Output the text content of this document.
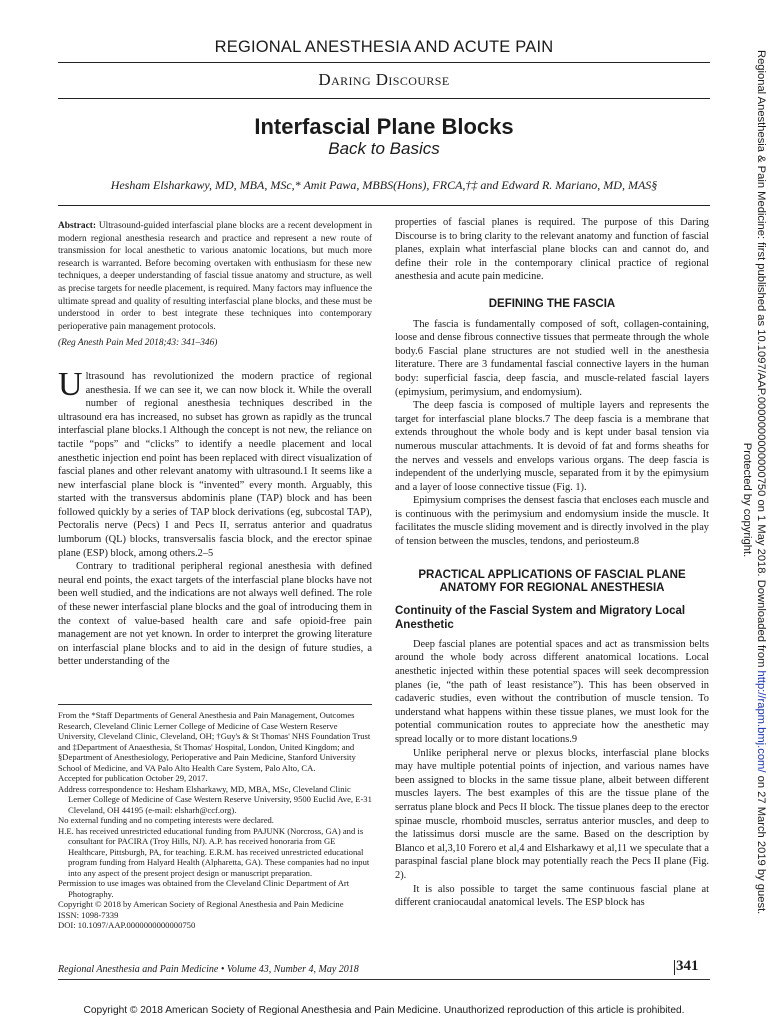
REGIONAL ANESTHESIA AND ACUTE PAIN
Daring Discourse
Interfascial Plane Blocks
Back to Basics
Hesham Elsharkawy, MD, MBA, MSc,* Amit Pawa, MBBS(Hons), FRCA,†‡ and Edward R. Mariano, MD, MAS§

Abstract: Ultrasound-guided interfascial plane blocks are a recent development in modern regional anesthesia research and practice and represent a new route of transmission for local anesthetic to various anatomic locations, but much more research is warranted. Before becoming overtaken with enthusiasm for these new techniques, a deeper understanding of fascial tissue anatomy and structure, as well as precise targets for needle placement, is required. Many factors may influence the ultimate spread and quality of resulting interfascial plane blocks, and these must be understood in order to best integrate these techniques into contemporary perioperative pain management protocols.

(Reg Anesth Pain Med 2018;43: 341–346)

Ultrasound has revolutionized the modern practice of regional anesthesia. If we can see it, we can now block it. While the overall number of regional anesthesia techniques described in the ultrasound era has increased, no subset has grown as rapidly as the truncal interfascial plane blocks.1 Although the concept is not new, the reliance on tactile “pops” and “clicks” to identify a needle placement and local anesthetic injection end point has been replaced with direct visualization of fascial planes and other relevant anatomy with ultrasound.1 It seems like a new interfascial plane block is “invented” every month. Arguably, this started with the transversus abdominis plane (TAP) block and has been followed quickly by a series of TAP block derivations (eg, subcostal TAP), Pectoralis nerve (Pecs) I and Pecs II, serratus anterior and quadratus lumborum (QL) blocks, transversalis fascia block, and the erector spinae plane (ESP) block, among others.2–5

Contrary to traditional peripheral regional anesthesia with defined neural end points, the exact targets of the interfascial plane blocks have not been well studied, and the indications are not always well defined. The role of these newer interfascial plane blocks and the goal of introducing them in the context of value-based health care and safe opioid-free pain management are not yet known. In order to interpret the growing literature on interfascial plane blocks and to aid in the design of future studies, a better understanding of the

From the *Staff Departments of General Anesthesia and Pain Management, Outcomes Research, Cleveland Clinic Lerner College of Medicine of Case Western Reserve University, Cleveland Clinic, Cleveland, OH; †Guy's & St Thomas' NHS Foundation Trust and ‡Department of Anaesthesia, St Thomas' Hospital, London, United Kingdom; and §Department of Anesthesiology, Perioperative and Pain Medicine, Stanford University School of Medicine, and VA Palo Alto Health Care System, Palo Alto, CA.
Accepted for publication October 29, 2017.
Address correspondence to: Hesham Elsharkawy, MD, MBA, MSc, Cleveland Clinic Lerner College of Medicine of Case Western Reserve University, 9500 Euclid Ave, E-31 Cleveland, OH 44195 (e-mail: elsharh@ccf.org).
No external funding and no competing interests were declared.
H.E. has received unrestricted educational funding from PAJUNK (Norcross, GA) and is consultant for PACIRA (Troy Hills, NJ). A.P. has received honoraria from GE Healthcare, Pittsburgh, PA, for teaching. E.R.M. has received unrestricted educational program funding from Halyard Health (Alpharetta, GA). These companies had no input into any aspect of the present project design or manuscript preparation.
Permission to use images was obtained from the Cleveland Clinic Department of Art Photography.
Copyright © 2018 by American Society of Regional Anesthesia and Pain Medicine
ISSN: 1098-7339
DOI: 10.1097/AAP.0000000000000750

properties of fascial planes is required. The purpose of this Daring Discourse is to bring clarity to the relevant anatomy and function of fascial planes, explain what interfascial plane blocks can and cannot do, and define their role in the contemporary clinical practice of regional anesthesia and acute pain medicine.

DEFINING THE FASCIA

The fascia is fundamentally composed of soft, collagen-containing, loose and dense fibrous connective tissues that permeate through the whole body.6 Fascial plane structures are not studied well in the anesthesia literature. There are 3 fundamental fascial connective layers in the human body: superficial fascia, deep fascia, and muscle-related fascial layers (epimysium, perimysium, and endomysium).

The deep fascia is composed of multiple layers and represents the target for interfascial plane blocks.7 The deep fascia is a membrane that extends throughout the whole body and is kept under basal tension via numerous muscular attachments. It is devoid of fat and forms sheaths for the nerves and vessels and envelops various organs. The deep fascia is independent of the underlying muscle, separated from it by the epimysium and a layer of loose connective tissue (Fig. 1).

Epimysium comprises the densest fascia that encloses each muscle and is continuous with the perimysium and endomysium inside the muscle. It facilitates the muscle sliding movement and is directly involved in the play of tension between the muscles, tendons, and periosteum.8

PRACTICAL APPLICATIONS OF FASCIAL PLANE ANATOMY FOR REGIONAL ANESTHESIA
Continuity of the Fascial System and Migratory Local Anesthetic

Deep fascial planes are potential spaces and act as transmission belts around the whole body across different anatomical locations. Local anesthetic injected within these potential spaces will seek decompression planes (ie, “the path of least resistance”). This has been observed in cadaveric studies, even without the contribution of muscle tension. To understand what happens within these tissue planes, we must look for the potential communication routes to appreciate how the anesthetic may spread locally or to more distant locations.9

Unlike peripheral nerve or plexus blocks, interfascial plane blocks may have multiple potential points of injection, and various names have been assigned to blocks in the same tissue plane, albeit between different muscles layers. The best examples of this are the tissue plane of the serratus plane block and Pecs II block. The tissue planes deep to the erector spinae muscle, rhomboid muscles, serratus anterior muscles, and deep to the latissimus dorsi muscle are the same. Based on the description by Blanco et al,3,10 Forero et al,4 and Elsharkawy et al,11 we speculate that a paraspinal fascial plane block may potentially reach the Pecs II plane (Fig. 2).

It is also possible to target the same continuous fascial plane at different craniocaudal anatomical levels. The ESP block has

Regional Anesthesia and Pain Medicine • Volume 43, Number 4, May 2018	341
Copyright © 2018 American Society of Regional Anesthesia and Pain Medicine. Unauthorized reproduction of this article is prohibited.
Regional Anesthesia & Pain Medicine: first published as 10.1097/AAP.0000000000000750 on 1 May 2018. Downloaded from http://rapm.bmj.com/ on 27 March 2019 by guest.
Protected by copyright.
